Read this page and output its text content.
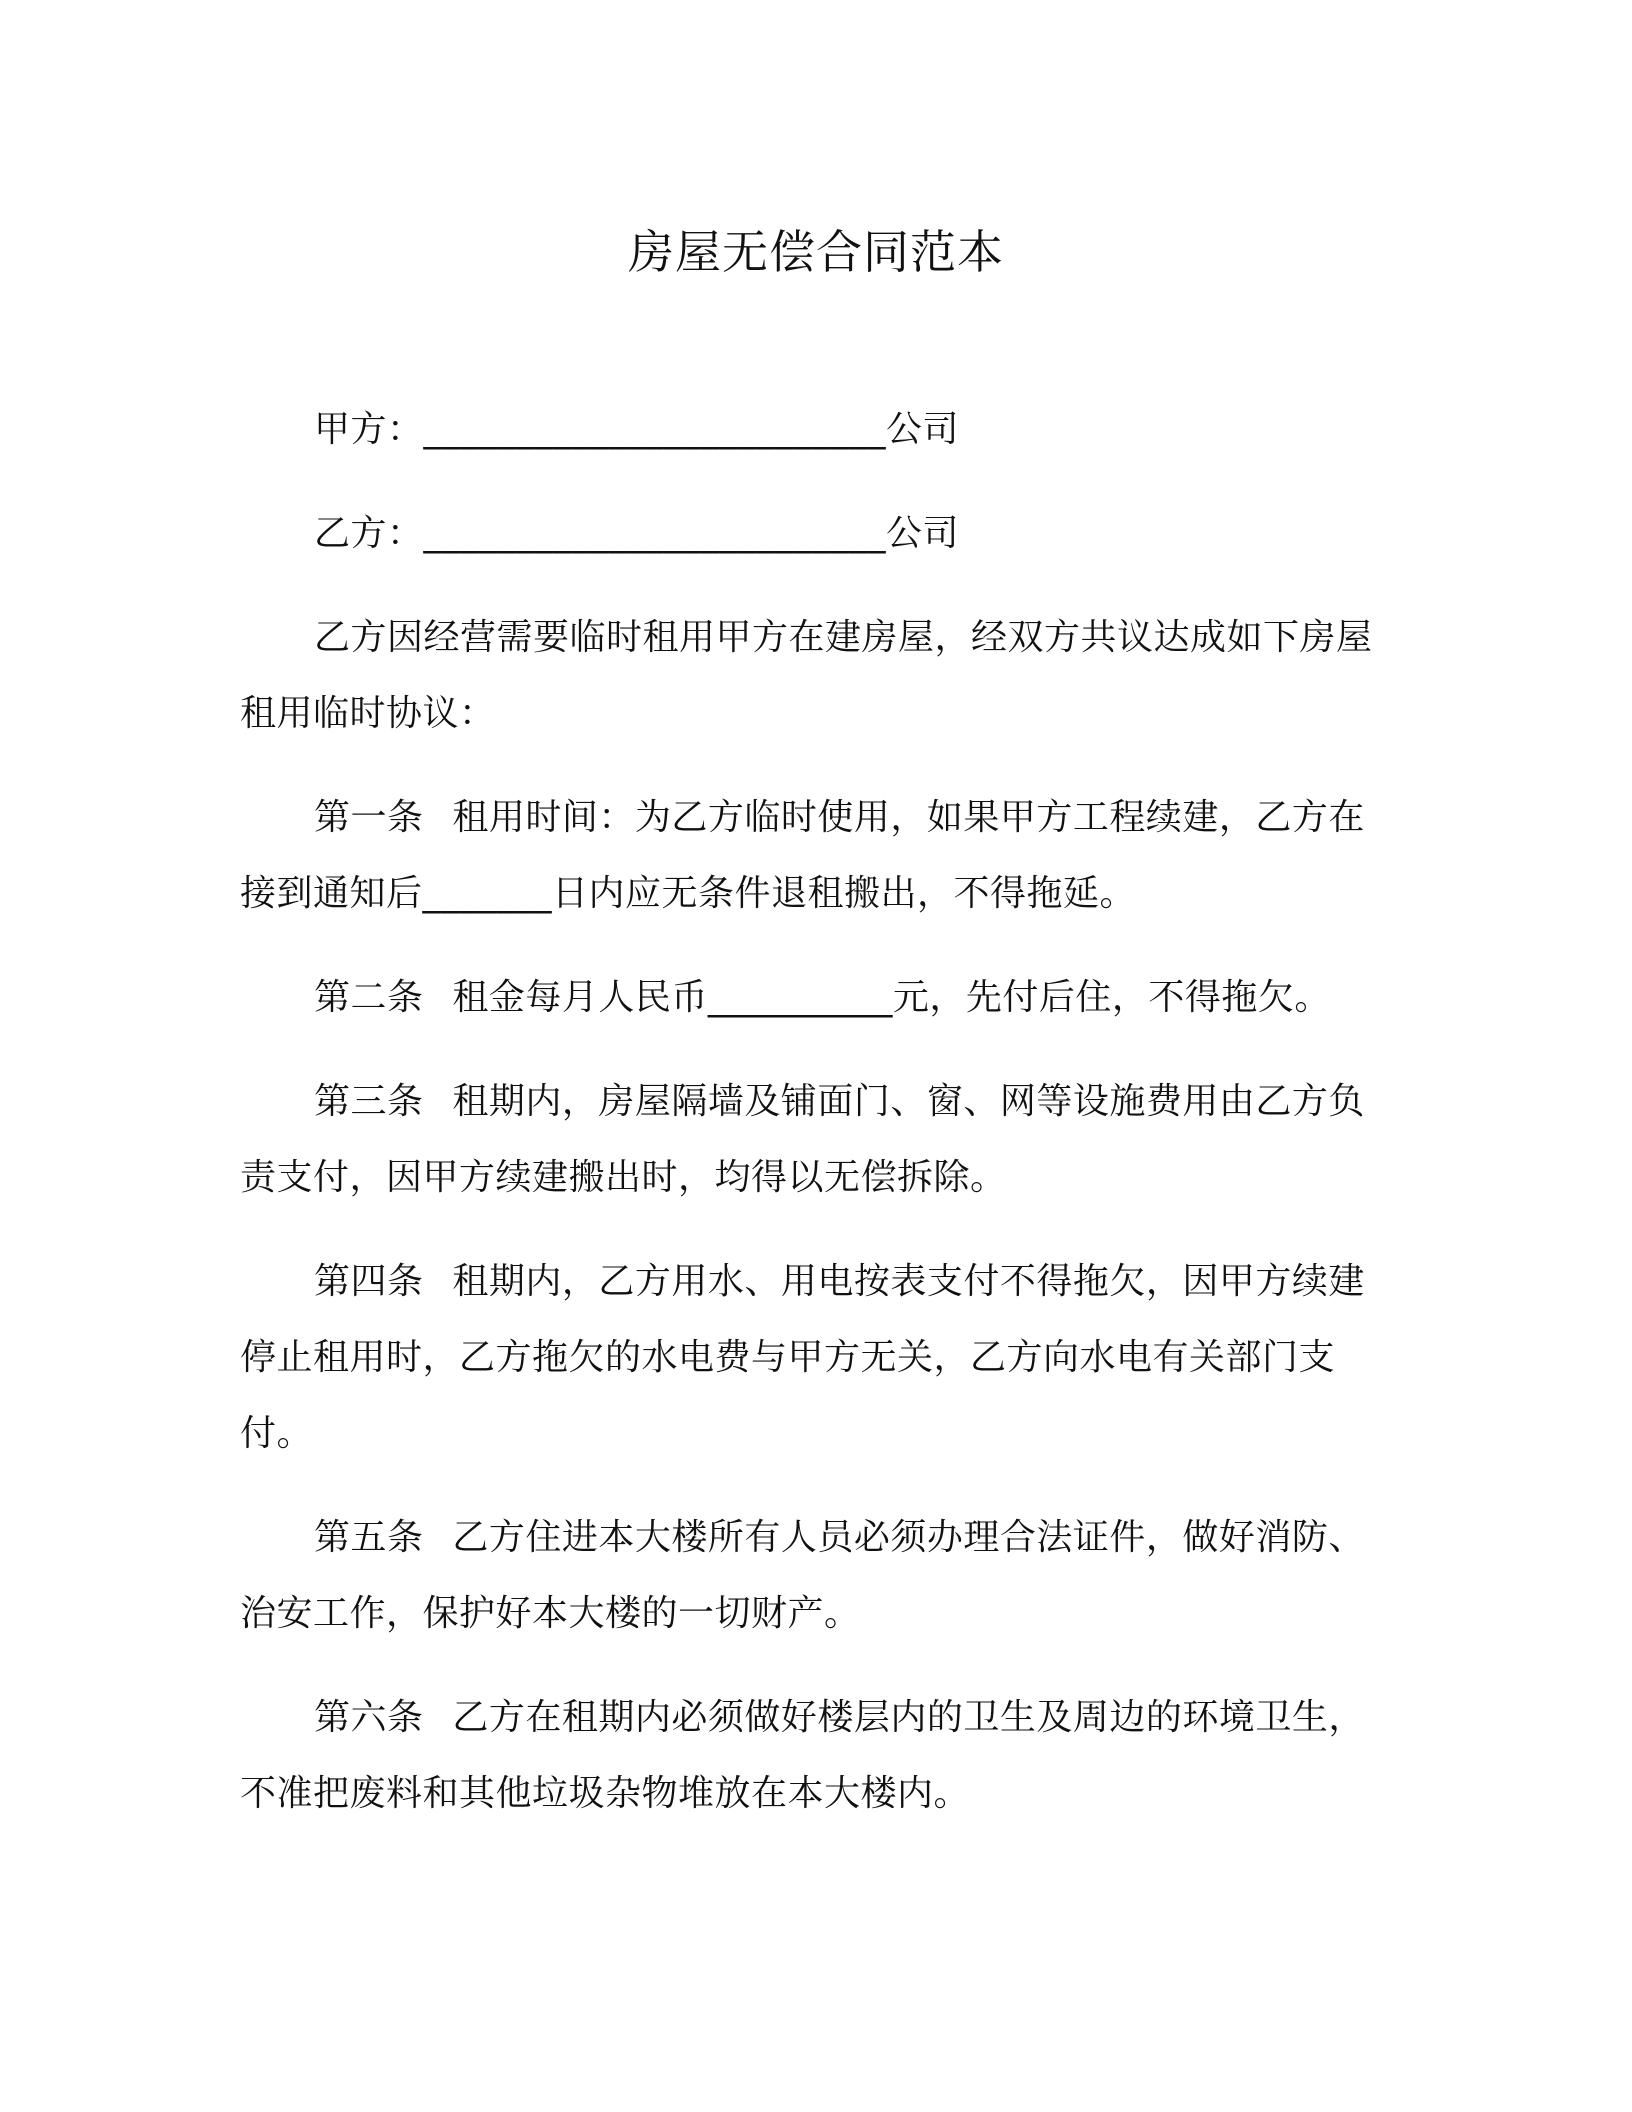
房屋无偿合同范本

甲方：_________________________公司

乙方：_________________________公司

乙方因经营需要临时租用甲方在建房屋，经双方共议达成如下房屋租用临时协议：

第一条 租用时间：为乙方临时使用，如果甲方工程续建，乙方在接到通知后_______日内应无条件退租搬出，不得拖延。

第二条 租金每月人民币__________元，先付后住，不得拖欠。

第三条 租期内，房屋隔墙及铺面门、窗、网等设施费用由乙方负责支付，因甲方续建搬出时，均得以无偿拆除。

第四条 租期内，乙方用水、用电按表支付不得拖欠，因甲方续建停止租用时，乙方拖欠的水电费与甲方无关，乙方向水电有关部门支付。

第五条 乙方住进本大楼所有人员必须办理合法证件，做好消防、治安工作，保护好本大楼的一切财产。

第六条 乙方在租期内必须做好楼层内的卫生及周边的环境卫生，不准把废料和其他垃圾杂物堆放在本大楼内。
